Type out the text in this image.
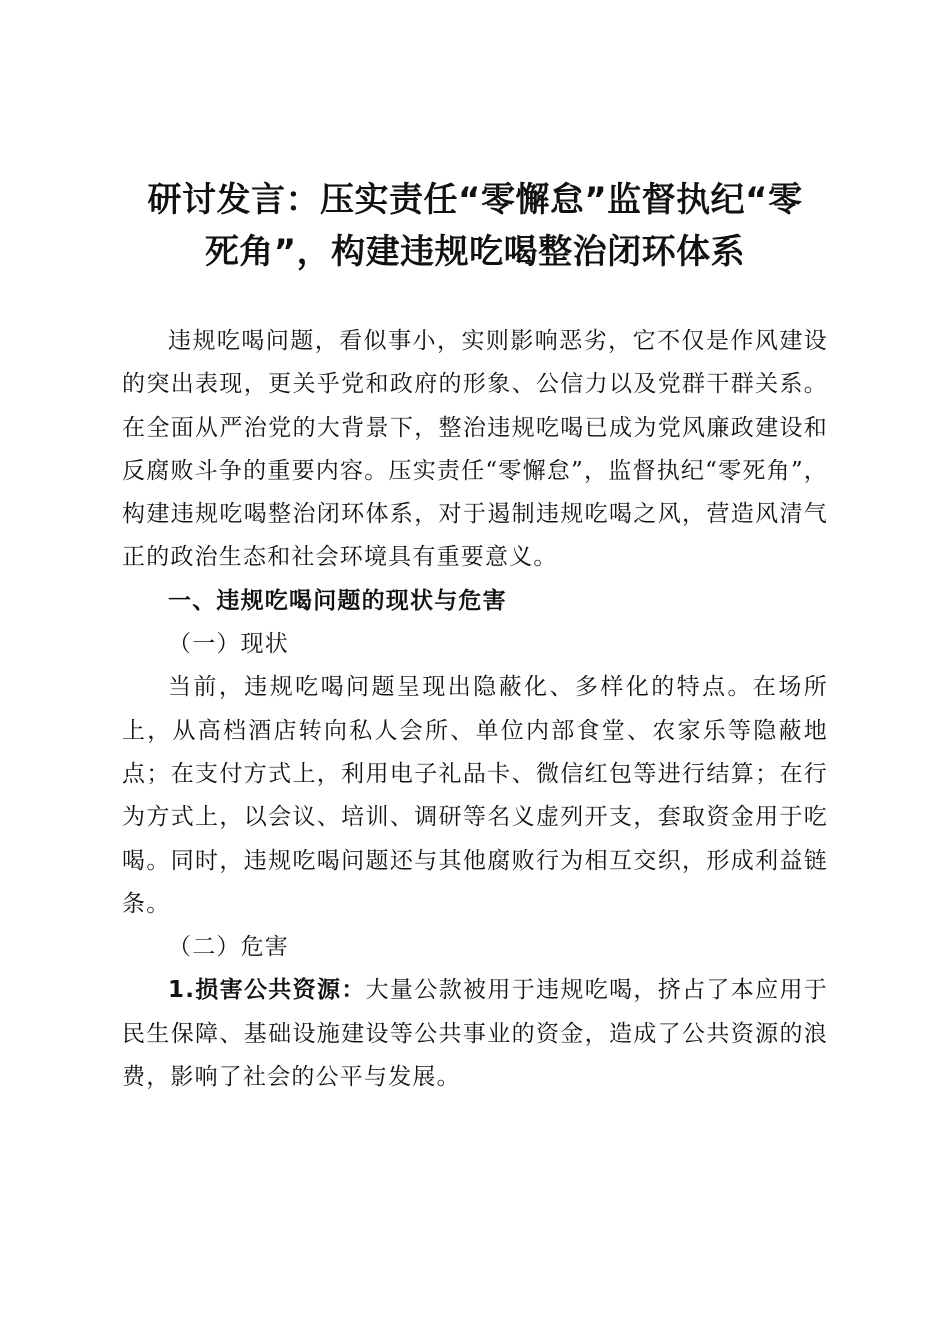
研讨发言：压实责任“零懈怠”监督执纪“零
死角”，构建违规吃喝整治闭环体系

违规吃喝问题，看似事小，实则影响恶劣，它不仅是作风建设的突出表现，更关乎党和政府的形象、公信力以及党群干群关系。在全面从严治党的大背景下，整治违规吃喝已成为党风廉政建设和反腐败斗争的重要内容。压实责任“零懈怠”，监督执纪“零死角”，构建违规吃喝整治闭环体系，对于遏制违规吃喝之风，营造风清气正的政治生态和社会环境具有重要意义。

一、违规吃喝问题的现状与危害

（一）现状

当前，违规吃喝问题呈现出隐蔽化、多样化的特点。在场所上，从高档酒店转向私人会所、单位内部食堂、农家乐等隐蔽地点；在支付方式上，利用电子礼品卡、微信红包等进行结算；在行为方式上，以会议、培训、调研等名义虚列开支，套取资金用于吃喝。同时，违规吃喝问题还与其他腐败行为相互交织，形成利益链条。

（二）危害

1.损害公共资源：大量公款被用于违规吃喝，挤占了本应用于民生保障、基础设施建设等公共事业的资金，造成了公共资源的浪费，影响了社会的公平与发展。
